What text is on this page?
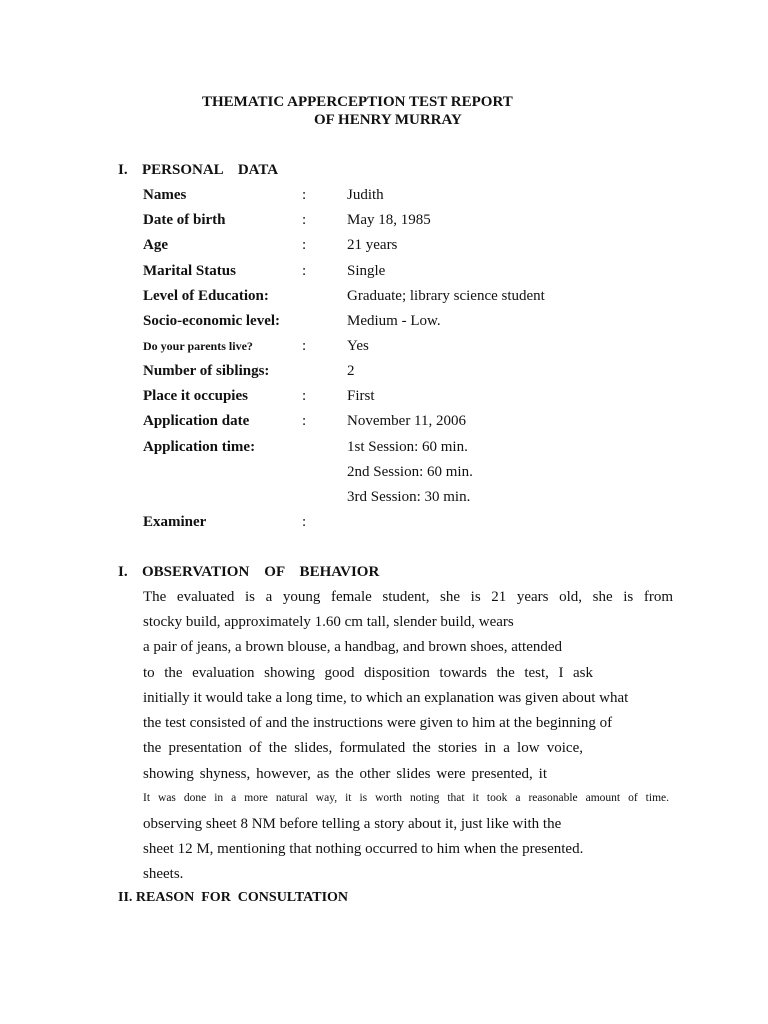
THEMATIC APPERCEPTION TEST REPORT
OF HENRY MURRAY
I. PERSONAL    DATA
Names	:	Judith
Date of birth	:	May 18, 1985
Age	:	21 years
Marital Status	:	Single
Level of Education:	Graduate; library science student
Socio-economic level:	Medium - Low.
Do your parents live?	:	Yes
Number of siblings:	2
Place it occupies	:	First
Application date	:	November 11, 2006
Application time:	1st Session: 60 min.
2nd Session: 60 min.
3rd Session: 30 min.
Examiner	:
I. OBSERVATION    OF    BEHAVIOR
The evaluated is a young female student, she is 21 years old, she is from
stocky build, approximately 1.60 cm tall, slender build, wears
a pair of jeans, a brown blouse, a handbag, and brown shoes, attended
to the evaluation showing good disposition towards the test, I ask
initially it would take a long time, to which an explanation was given about what
the test consisted of and the instructions were given to him at the beginning of
the presentation of the slides, formulated the stories in a low voice,
showing shyness, however, as the other slides were presented, it
It was done in a more natural way, it is worth noting that it took a reasonable amount of time.
observing sheet 8 NM before telling a story about it, just like with the
sheet 12 M, mentioning that nothing occurred to him when the presented.
sheets.
II. REASON  FOR  CONSULTATION
